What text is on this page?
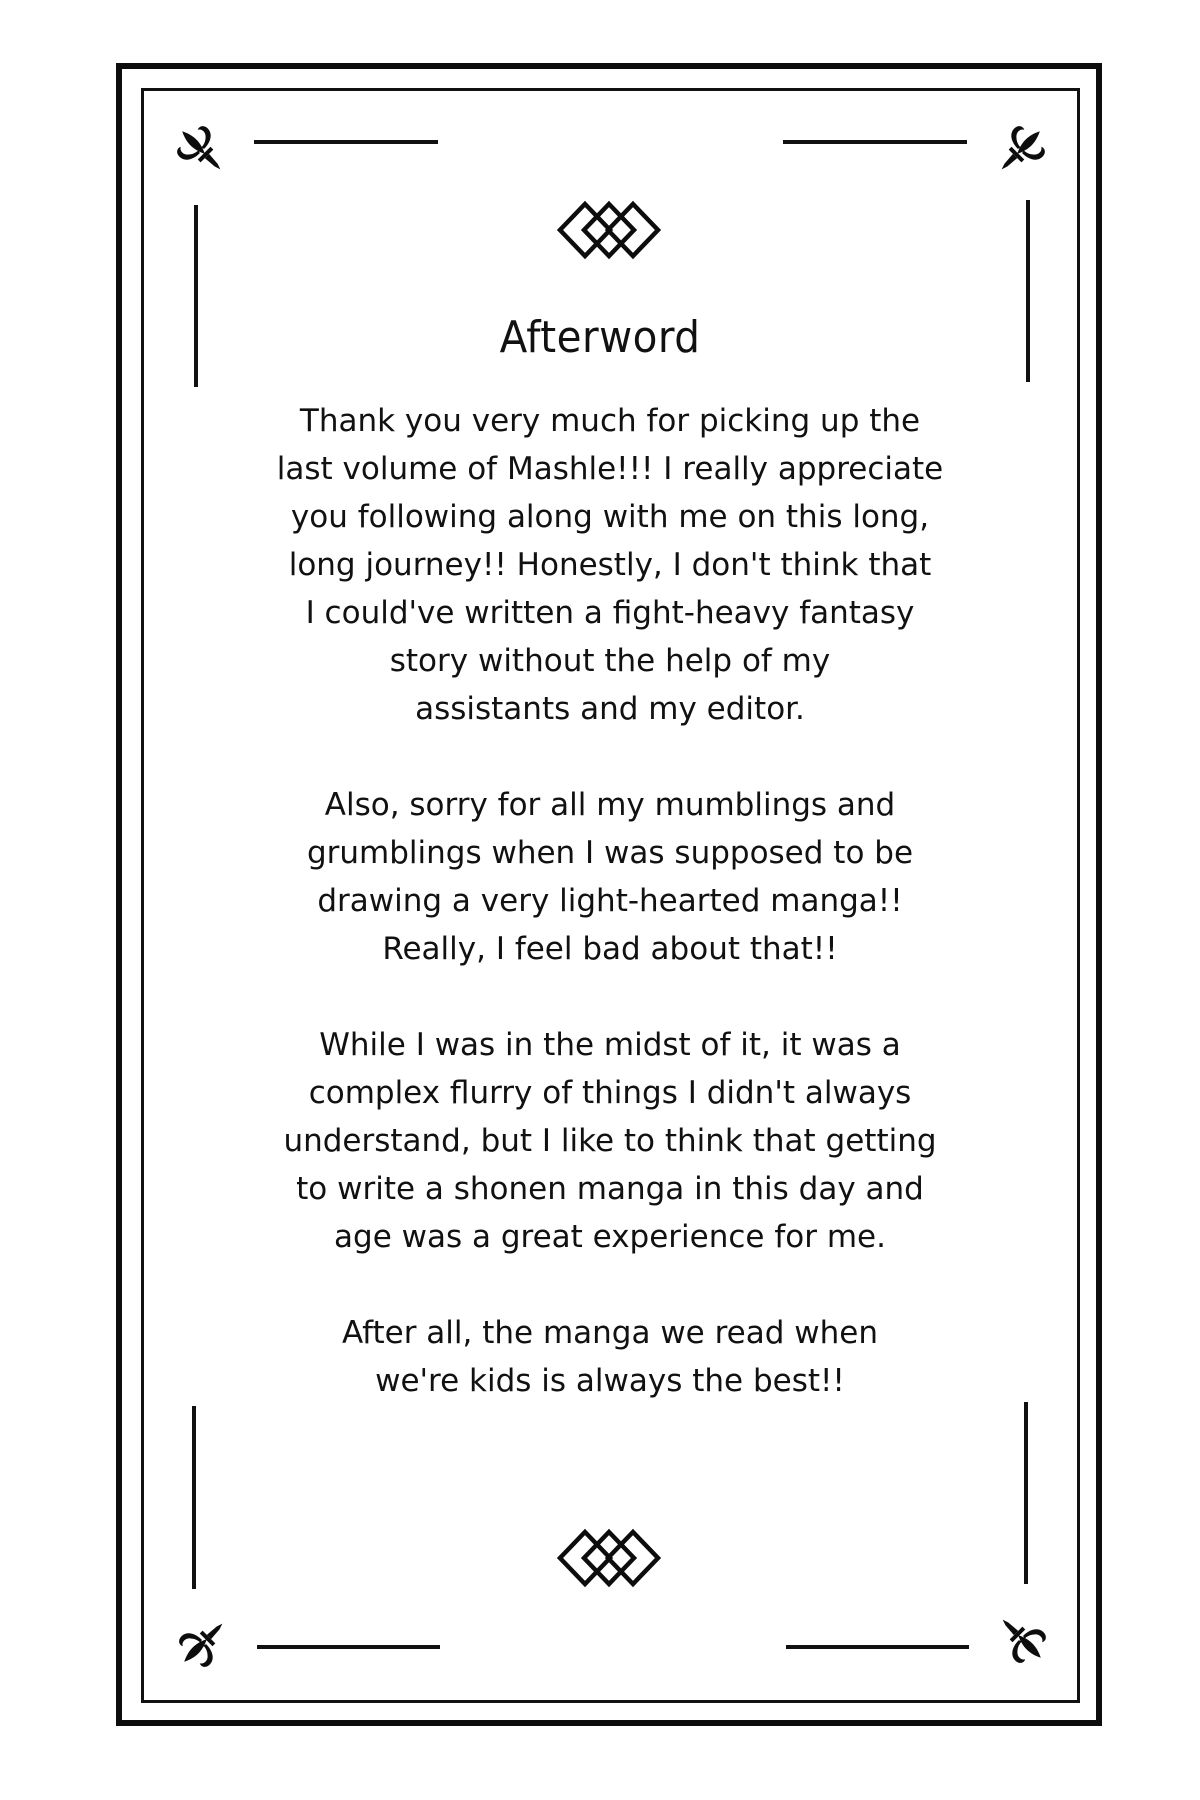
Afterword

Thank you very much for picking up the
last volume of Mashle!!! I really appreciate
you following along with me on this long,
long journey!! Honestly, I don't think that
I could've written a fight-heavy fantasy
story without the help of my
assistants and my editor.

Also, sorry for all my mumblings and
grumblings when I was supposed to be
drawing a very light-hearted manga!!
Really, I feel bad about that!!

While I was in the midst of it, it was a
complex flurry of things I didn't always
understand, but I like to think that getting
to write a shonen manga in this day and
age was a great experience for me.

After all, the manga we read when
we're kids is always the best!!
